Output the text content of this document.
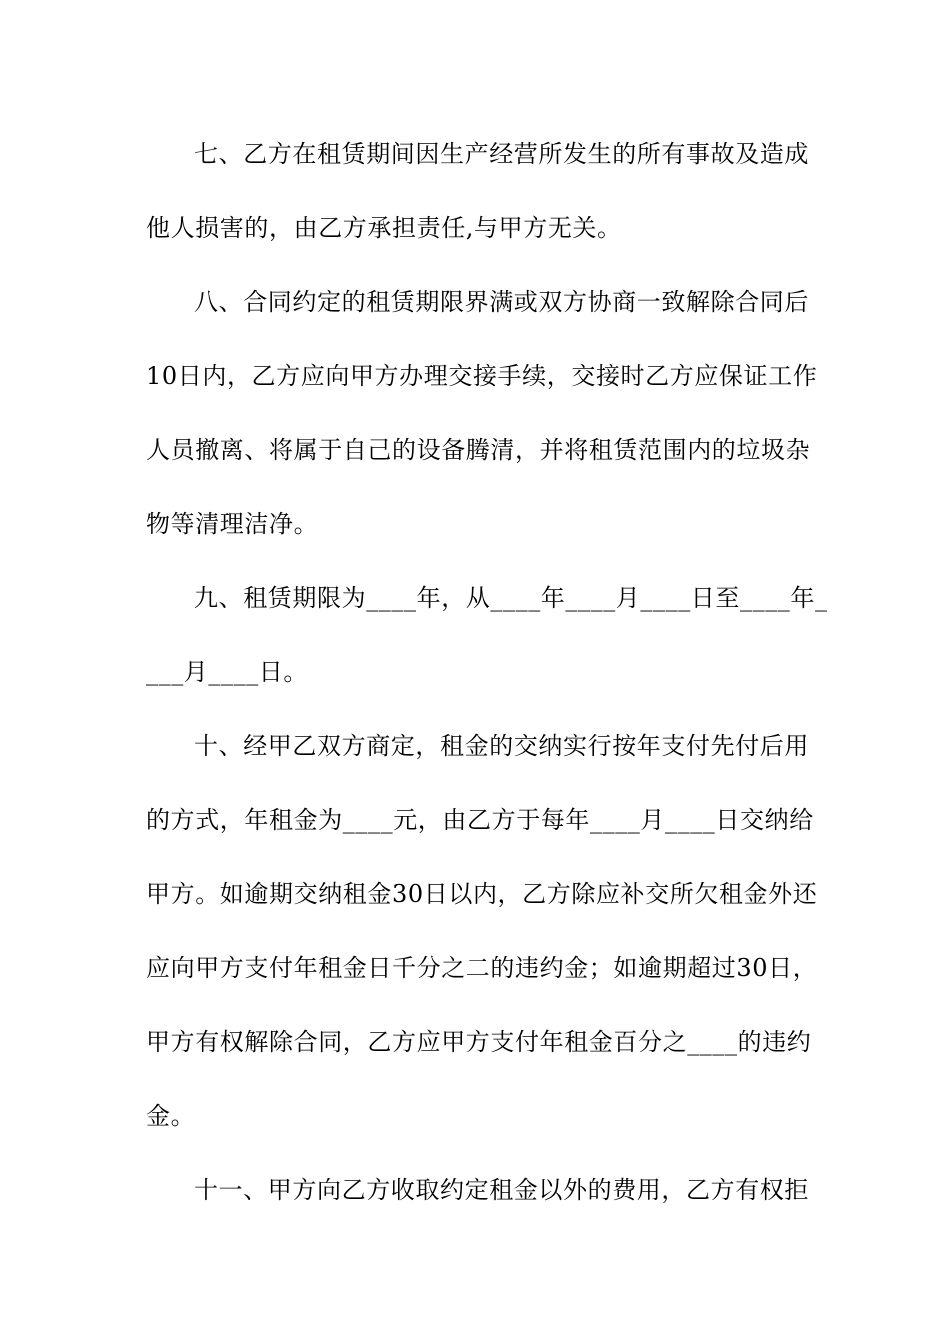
七、乙方在租赁期间因生产经营所发生的所有事故及造成
他人损害的，由乙方承担责任,与甲方无关。
八、合同约定的租赁期限界满或双方协商一致解除合同后
10日内，乙方应向甲方办理交接手续，交接时乙方应保证工作
人员撤离、将属于自己的设备腾清，并将租赁范围内的垃圾杂
物等清理洁净。
九、租赁期限为____年，从____年____月____日至____年_
___月____日。
十、经甲乙双方商定，租金的交纳实行按年支付先付后用
的方式，年租金为____元，由乙方于每年____月____日交纳给
甲方。如逾期交纳租金30日以内，乙方除应补交所欠租金外还
应向甲方支付年租金日千分之二的违约金；如逾期超过30日，
甲方有权解除合同，乙方应甲方支付年租金百分之____的违约
金。
十一、甲方向乙方收取约定租金以外的费用，乙方有权拒
